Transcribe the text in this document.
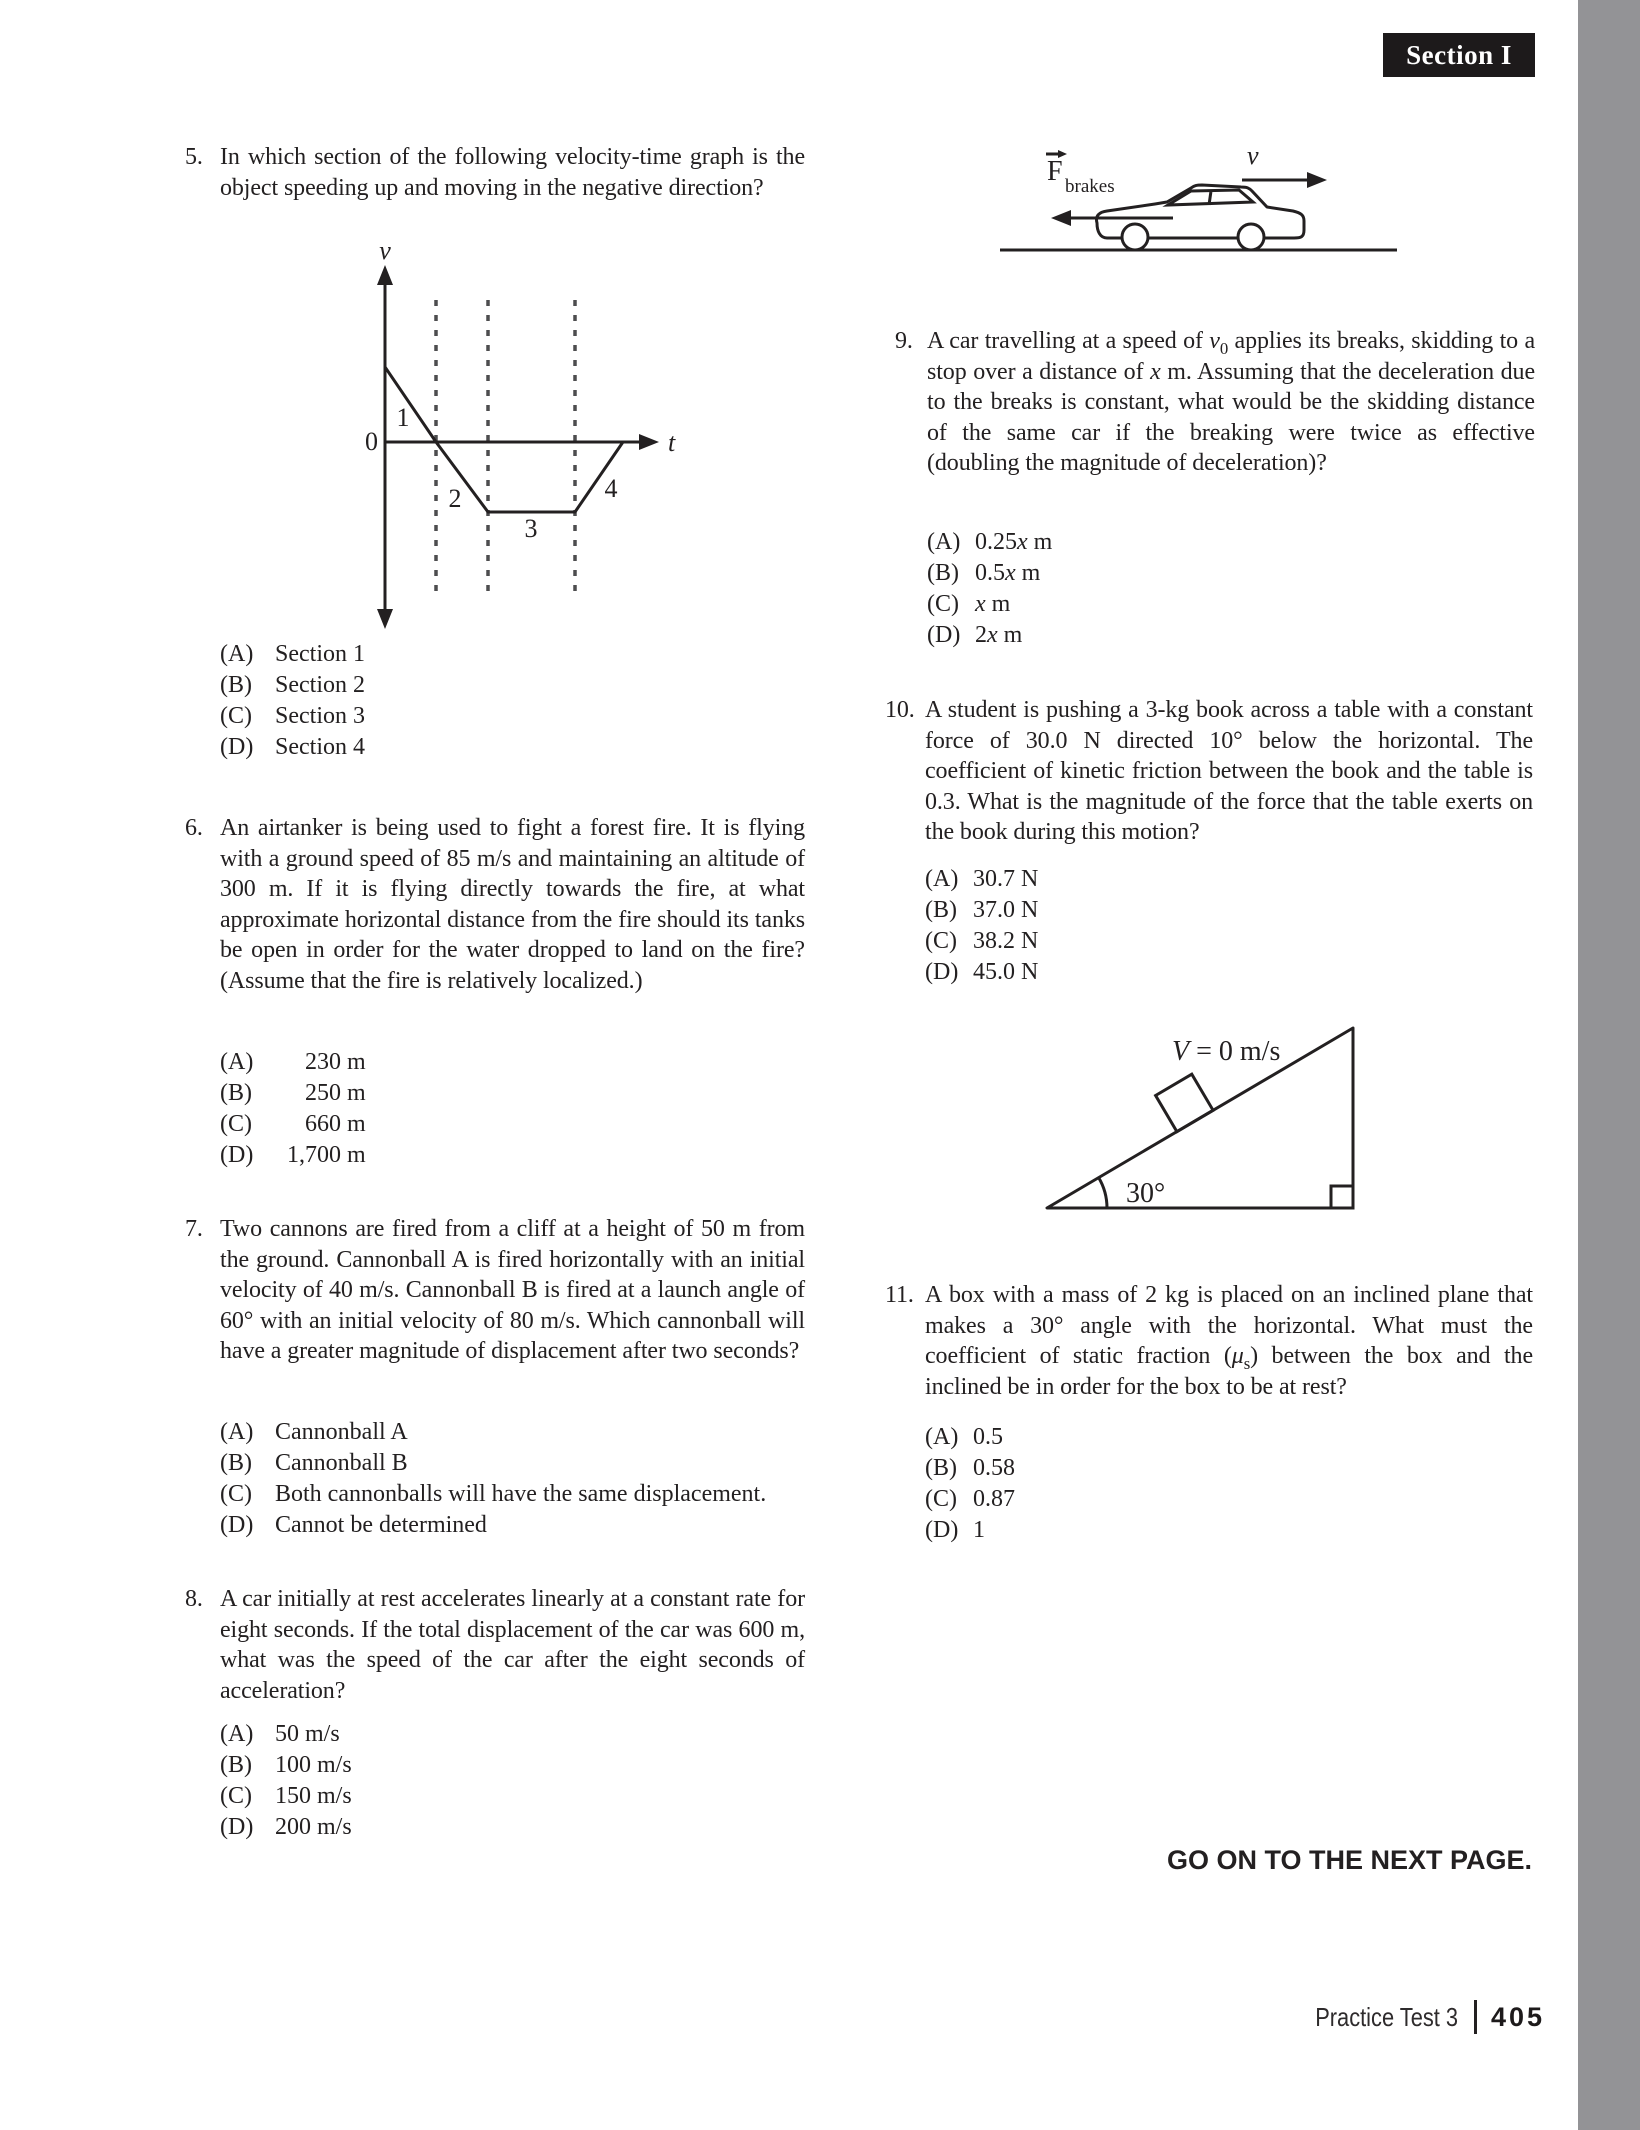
Section I
5. In which section of the following velocity-time graph is the object speeding up and moving in the negative direction?
v
t
0
1
2
3
4
(A) Section 1
(B) Section 2
(C) Section 3
(D) Section 4
6. An airtanker is being used to fight a forest fire. It is flying with a ground speed of 85 m/s and maintaining an altitude of 300 m. If it is flying directly towards the fire, at what approximate horizontal distance from the fire should its tanks be open in order for the water dropped to land on the fire? (Assume that the fire is relatively localized.)
(A)	230 m
(B)	250 m
(C)	660 m
(D)	1,700 m
7. Two cannons are fired from a cliff at a height of 50 m from the ground. Cannonball A is fired horizontally with an initial velocity of 40 m/s. Cannonball B is fired at a launch angle of 60° with an initial velocity of 80 m/s. Which cannonball will have a greater magnitude of displacement after two seconds?
(A) Cannonball A
(B) Cannonball B
(C) Both cannonballs will have the same displacement.
(D) Cannot be determined
8. A car initially at rest accelerates linearly at a constant rate for eight seconds. If the total displacement of the car was 600 m, what was the speed of the car after the eight seconds of acceleration?
(A) 50 m/s
(B) 100 m/s
(C) 150 m/s
(D) 200 m/s
F brakes
v
9. A car travelling at a speed of $v_0$ applies its breaks, skidding to a stop over a distance of x m. Assuming that the deceleration due to the breaks is constant, what would be the skidding distance of the same car if the breaking were twice as effective (doubling the magnitude of deceleration)?
(A) 0.25x m
(B) 0.5x m
(C) x m
(D) 2x m
10. A student is pushing a 3-kg book across a table with a constant force of 30.0 N directed 10° below the horizontal. The coefficient of kinetic friction between the book and the table is 0.3. What is the magnitude of the force that the table exerts on the book during this motion?
(A) 30.7 N
(B) 37.0 N
(C) 38.2 N
(D) 45.0 N
30°
V = 0 m/s
11. A box with a mass of 2 kg is placed on an inclined plane that makes a 30° angle with the horizontal. What must the coefficient of static fraction $(\mu_s)$ between the box and the inclined be in order for the box to be at rest?
(A) 0.5
(B) 0.58
(C) 0.87
(D) 1
GO ON TO THE NEXT PAGE.
Practice Test 3 405
